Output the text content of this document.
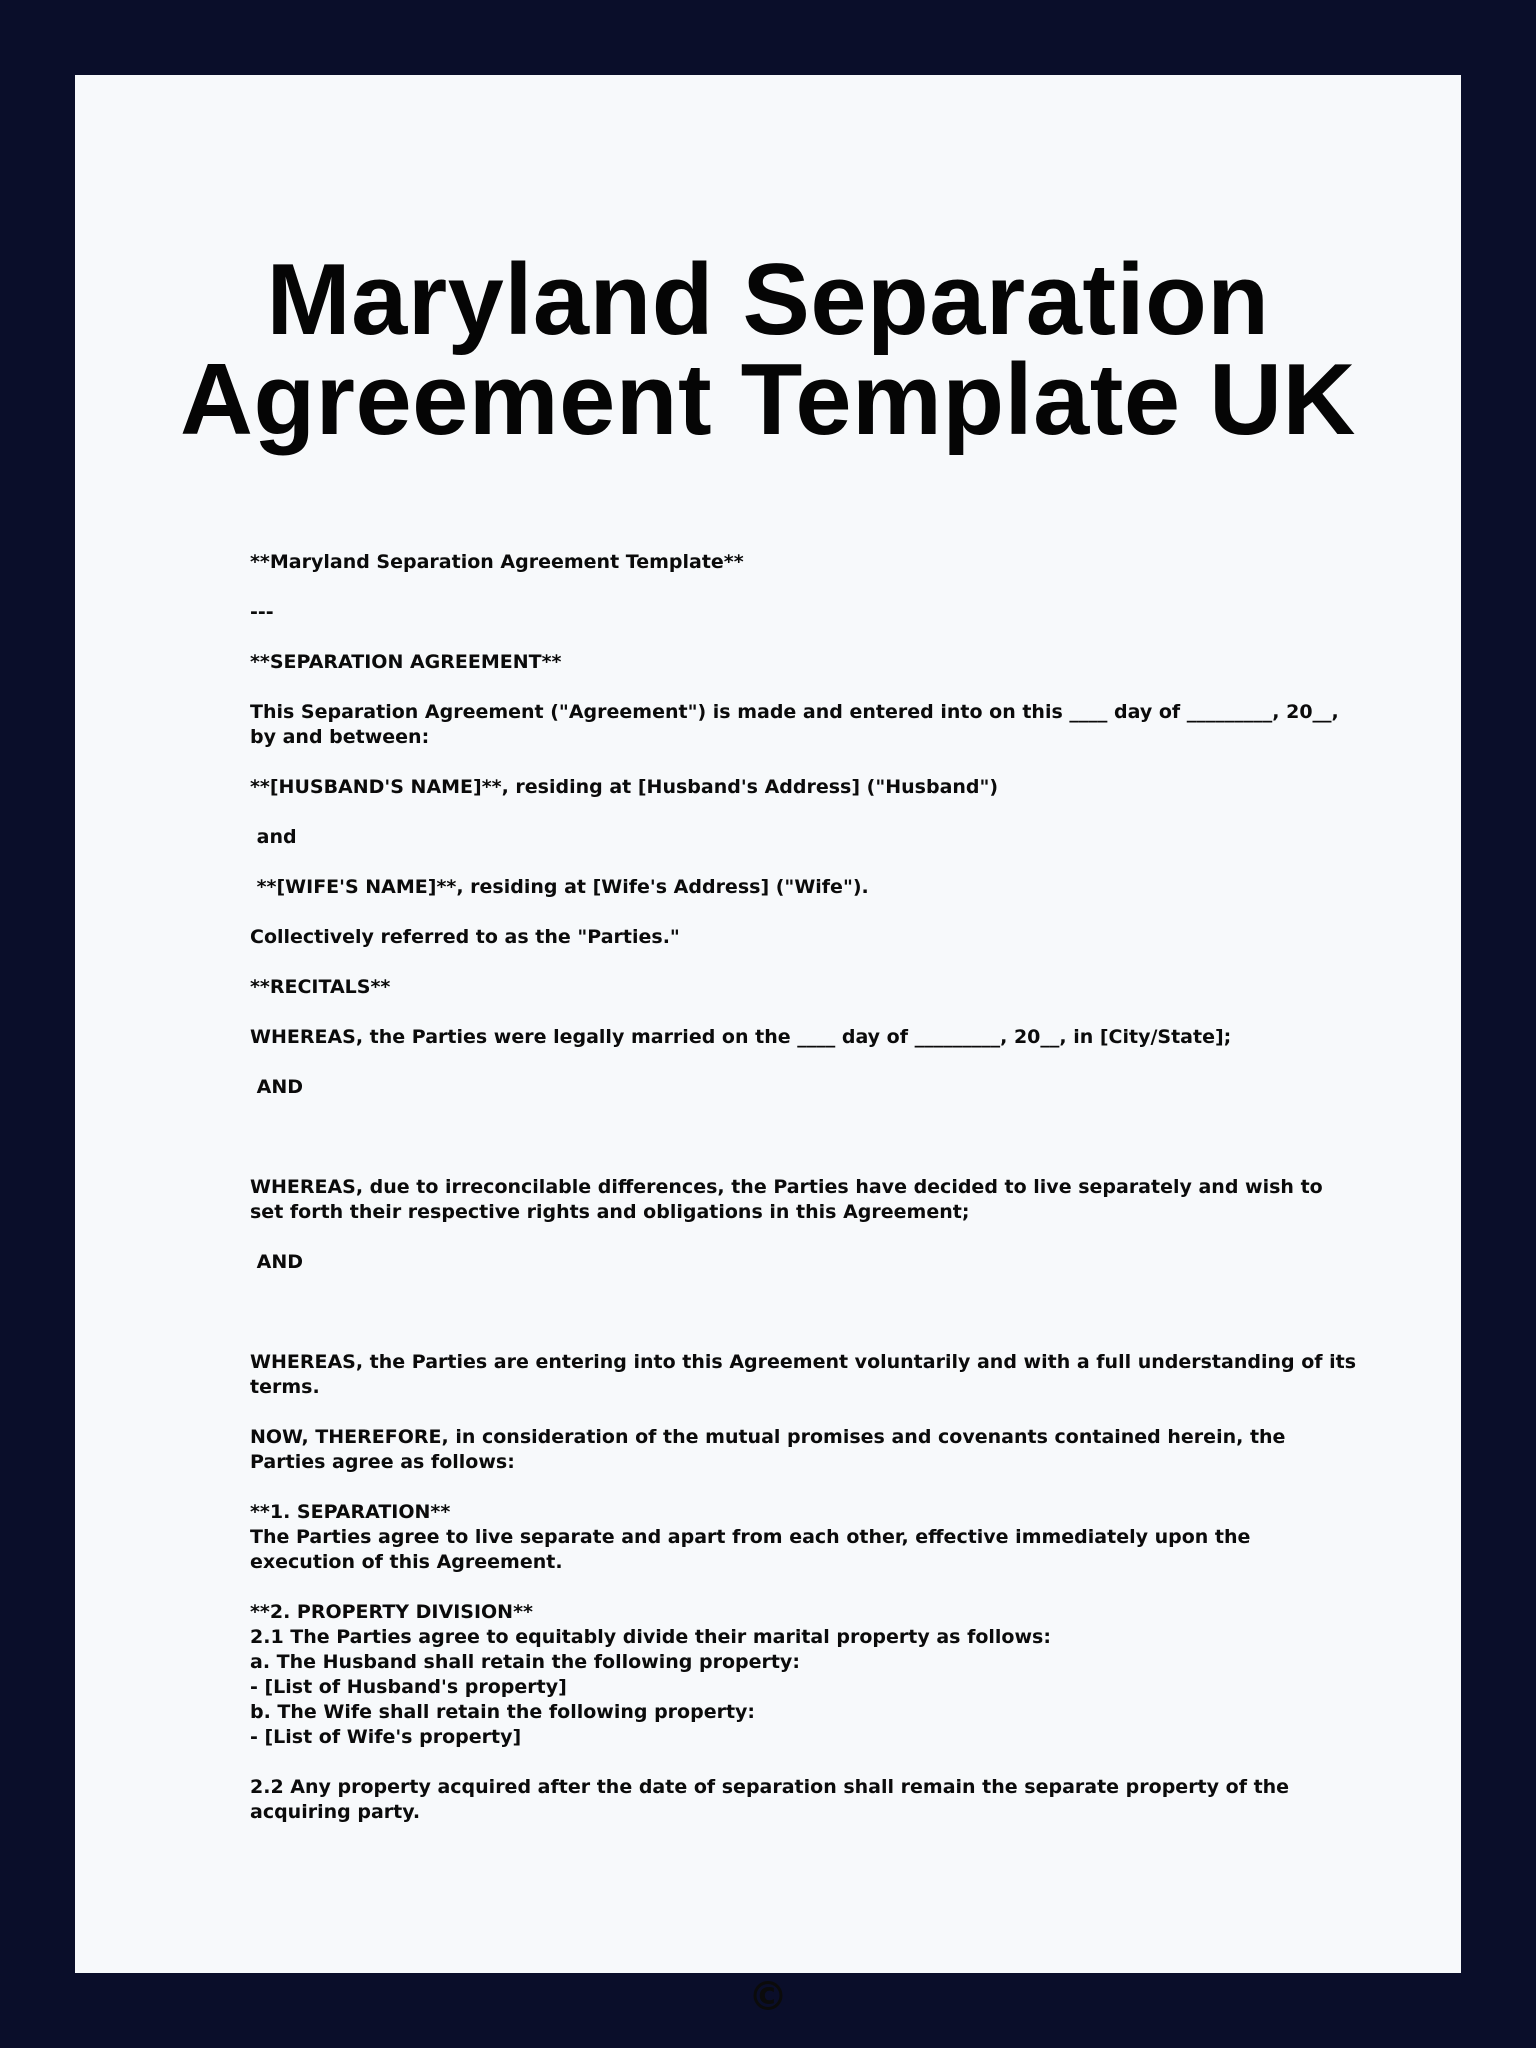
Maryland Separation Agreement Template UK

**Maryland Separation Agreement Template**

---

**SEPARATION AGREEMENT**

This Separation Agreement ("Agreement") is made and entered into on this ____ day of _________, 20__, by and between:

**[HUSBAND'S NAME]**, residing at [Husband's Address] ("Husband")

and

**[WIFE'S NAME]**, residing at [Wife's Address] ("Wife").

Collectively referred to as the "Parties."

**RECITALS**

WHEREAS, the Parties were legally married on the ____ day of _________, 20__, in [City/State];

AND

WHEREAS, due to irreconcilable differences, the Parties have decided to live separately and wish to set forth their respective rights and obligations in this Agreement;

AND

WHEREAS, the Parties are entering into this Agreement voluntarily and with a full understanding of its terms.

NOW, THEREFORE, in consideration of the mutual promises and covenants contained herein, the Parties agree as follows:

**1. SEPARATION**
The Parties agree to live separate and apart from each other, effective immediately upon the execution of this Agreement.

**2. PROPERTY DIVISION**
2.1 The Parties agree to equitably divide their marital property as follows:
a. The Husband shall retain the following property:
- [List of Husband's property]
b. The Wife shall retain the following property:
- [List of Wife's property]

2.2 Any property acquired after the date of separation shall remain the separate property of the acquiring party.

©
